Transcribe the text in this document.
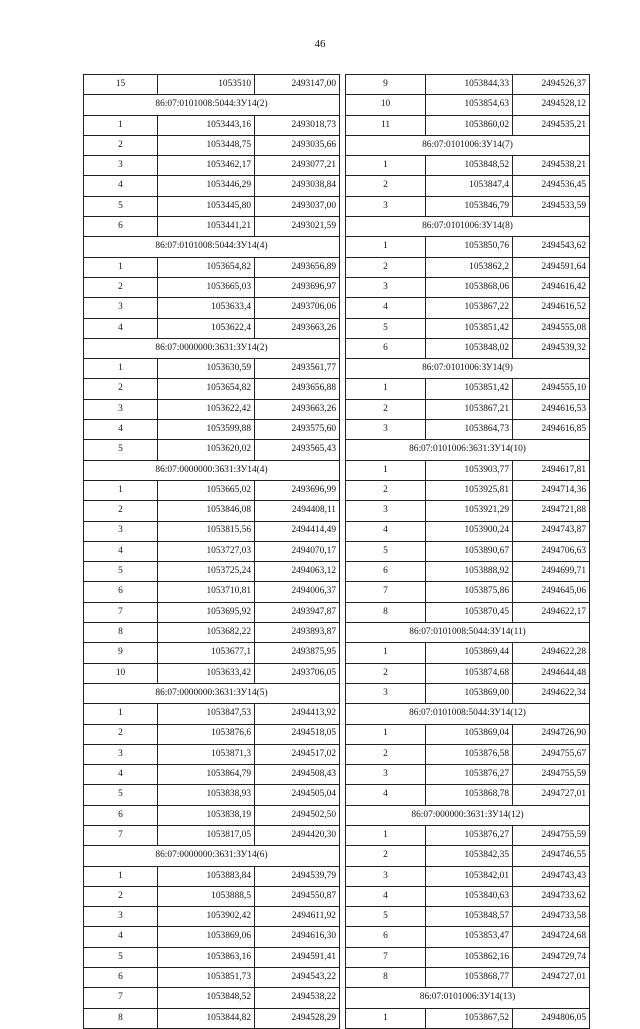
46
15	1053510	2493147,00
86:07:0101008:5044:ЗУ14(2)		
1	1053443,16	2493018,73
2	1053448,75	2493035,66
3	1053462,17	2493077,21
4	1053446,29	2493038,84
5	1053445,80	2493037,00
6	1053441,21	2493021,59
86:07:0101008:5044:ЗУ14(4)		
1	1053654,82	2493656,89
2	1053665,03	2493696,97
3	1053633,4	2493706,06
4	1053622,4	2493663,26
86:07:0000000:3631:ЗУ14(2)		
1	1053630,59	2493561,77
2	1053654,82	2493656,88
3	1053622,42	2493663,26
4	1053599,88	2493575,60
5	1053620,02	2493565,43
86:07:0000000:3631:ЗУ14(4)		
1	1053665,02	2493696,99
2	1053846,08	2494408,11
3	1053815,56	2494414,49
4	1053727,03	2494070,17
5	1053725,24	2494063,12
6	1053710,81	2494006,37
7	1053695,92	2493947,87
8	1053682,22	2493893,87
9	1053677,1	2493875,95
10	1053633,42	2493706,05
86:07:0000000:3631:ЗУ14(5)		
1	1053847,53	2494413,92
2	1053876,6	2494518,05
3	1053871,3	2494517,02
4	1053864,79	2494508,43
5	1053838,93	2494505,04
6	1053838,19	2494502,50
7	1053817,05	2494420,30
86:07:0000000:3631:ЗУ14(6)		
1	1053883,84	2494539,79
2	1053888,5	2494550,87
3	1053902,42	2494611,92
4	1053869,06	2494616,30
5	1053863,16	2494591,41
6	1053851,73	2494543,22
7	1053848,52	2494538,22
8	1053844,82	2494528,29
9	1053844,33	2494526,37
10	1053854,63	2494528,12
11	1053860,02	2494535,21
86:07:0101006:ЗУ14(7)		
1	1053848,52	2494538,21
2	1053847,4	2494536,45
3	1053846,79	2494533,59
86:07:0101006:ЗУ14(8)		
1	1053850,76	2494543,62
2	1053862,2	2494591,64
3	1053868,06	2494616,42
4	1053867,22	2494616,52
5	1053851,42	2494555,08
6	1053848,02	2494539,32
86:07:0101006:ЗУ14(9)		
1	1053851,42	2494555,10
2	1053867,21	2494616,53
3	1053864,73	2494616,85
86:07:0101006:3631:ЗУ14(10)		
1	1053903,77	2494617,81
2	1053925,81	2494714,36
3	1053921,29	2494721,88
4	1053900,24	2494743,87
5	1053890,67	2494706,63
6	1053888,92	2494699,71
7	1053875,86	2494645,06
8	1053870,45	2494622,17
86:07:0101008:5044:ЗУ14(11)		
1	1053869,44	2494622,28
2	1053874,68	2494644,48
3	1053869,00	2494622,34
86:07:0101008:5044:ЗУ14(12)		
1	1053869,04	2494726,90
2	1053876,58	2494755,67
3	1053876,27	2494755,59
4	1053868,78	2494727,01
86:07:000000:3631:ЗУ14(12)		
1	1053876,27	2494755,59
2	1053842,35	2494746,55
3	1053842,01	2494743,43
4	1053840,63	2494733,62
5	1053848,57	2494733,58
6	1053853,47	2494724,68
7	1053862,16	2494729,74
8	1053868,77	2494727,01
86:07:0101006:ЗУ14(13)		
1	1053867,52	2494806,05
